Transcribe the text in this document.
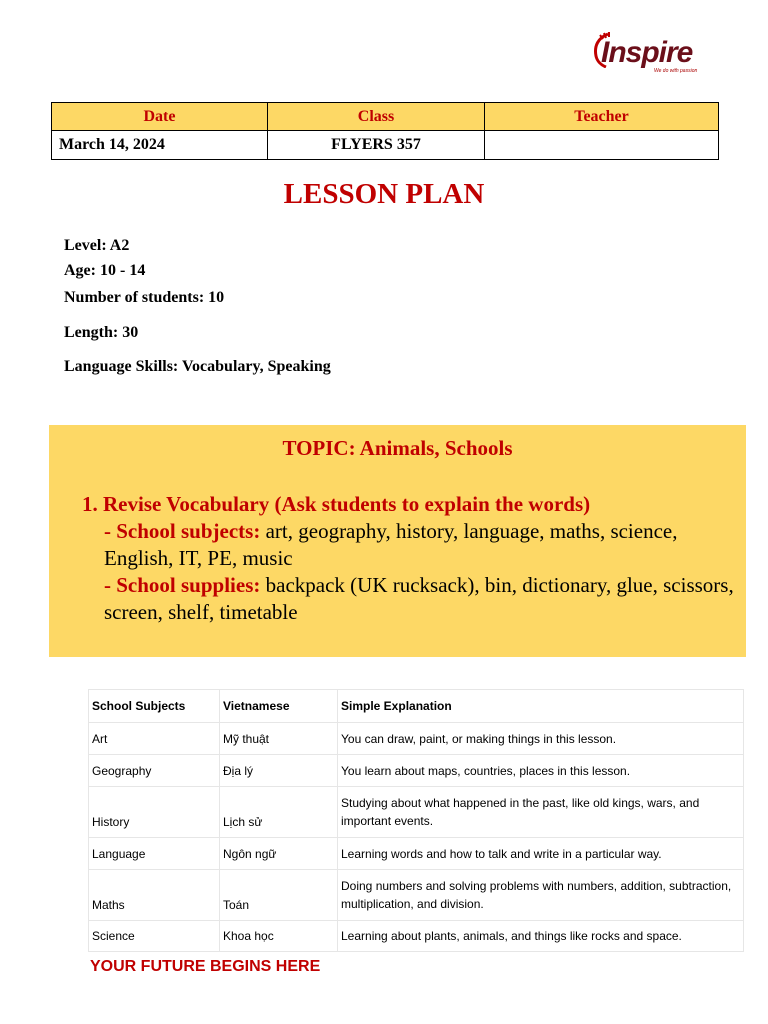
Inspire
We do with passion
Date	Class	Teacher
March 14, 2024	FLYERS 357	
LESSON PLAN
Level: A2
Age: 10 - 14
Number of students: 10
Length: 30
Language Skills: Vocabulary, Speaking
TOPIC: Animals, Schools
1. Revise Vocabulary (Ask students to explain the words)
- School subjects: art, geography, history, language, maths, science, English, IT, PE, music
- School supplies: backpack (UK rucksack), bin, dictionary, glue, scissors, screen, shelf, timetable
School Subjects	Vietnamese	Simple Explanation
Art	Mỹ thuật	You can draw, paint, or making things in this lesson.
Geography	Địa lý	You learn about maps, countries, places in this lesson.
History	Lịch sử	Studying about what happened in the past, like old kings, wars, and important events.
Language	Ngôn ngữ	Learning words and how to talk and write in a particular way.
Maths	Toán	Doing numbers and solving problems with numbers, addition, subtraction, multiplication, and division.
Science	Khoa học	Learning about plants, animals, and things like rocks and space.
YOUR FUTURE BEGINS HERE
